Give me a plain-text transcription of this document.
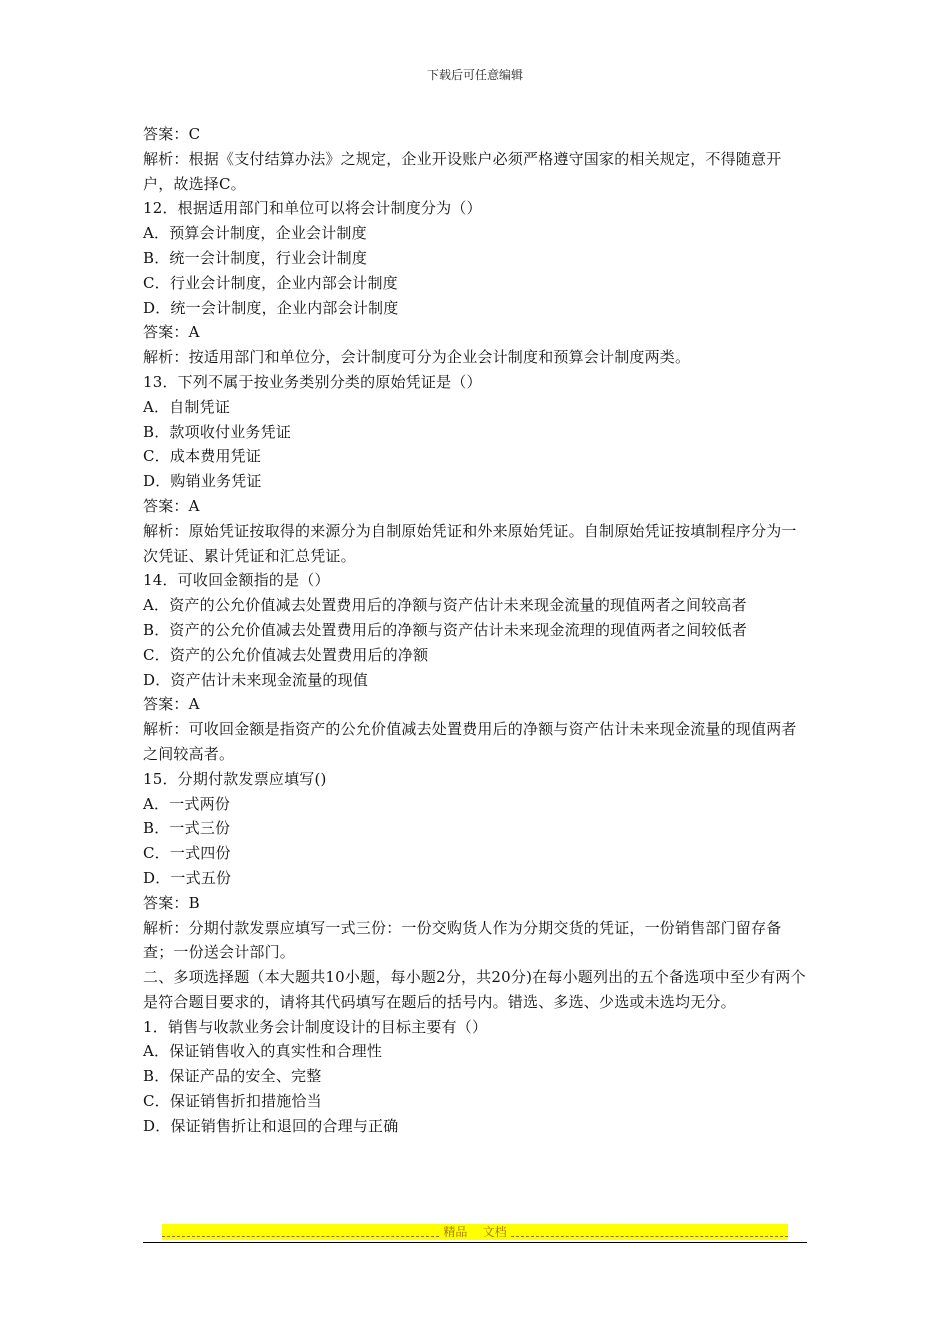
下载后可任意编辑
答案：C
解析：根据《支付结算办法》之规定，企业开设账户必须严格遵守国家的相关规定，不得随意开户，故选择C。
12．根据适用部门和单位可以将会计制度分为（）
A．预算会计制度，企业会计制度
B．统一会计制度，行业会计制度
C．行业会计制度，企业内部会计制度
D．统一会计制度，企业内部会计制度
答案：A
解析：按适用部门和单位分，会计制度可分为企业会计制度和预算会计制度两类。
13．下列不属于按业务类别分类的原始凭证是（）
A．自制凭证
B．款项收付业务凭证
C．成本费用凭证
D．购销业务凭证
答案：A
解析：原始凭证按取得的来源分为自制原始凭证和外来原始凭证。自制原始凭证按填制程序分为一次凭证、累计凭证和汇总凭证。
14．可收回金额指的是（）
A．资产的公允价值减去处置费用后的净额与资产估计未来现金流量的现值两者之间较高者
B．资产的公允价值减去处置费用后的净额与资产估计未来现金流理的现值两者之间较低者
C．资产的公允价值减去处置费用后的净额
D．资产估计未来现金流量的现值
答案：A
解析：可收回金额是指资产的公允价值减去处置费用后的净额与资产估计未来现金流量的现值两者之间较高者。
15．分期付款发票应填写()
A．一式两份
B．一式三份
C．一式四份
D．一式五份
答案：B
解析：分期付款发票应填写一式三份：一份交购货人作为分期交货的凭证，一份销售部门留存备查；一份送会计部门。
二、多项选择题（本大题共10小题，每小题2分，共20分)在每小题列出的五个备选项中至少有两个是符合题目要求的，请将其代码填写在题后的括号内。错选、多选、少选或未选均无分。
1．销售与收款业务会计制度设计的目标主要有（）
A．保证销售收入的真实性和合理性
B．保证产品的安全、完整
C．保证销售折扣措施恰当
D．保证销售折让和退回的合理与正确
精品    文档
